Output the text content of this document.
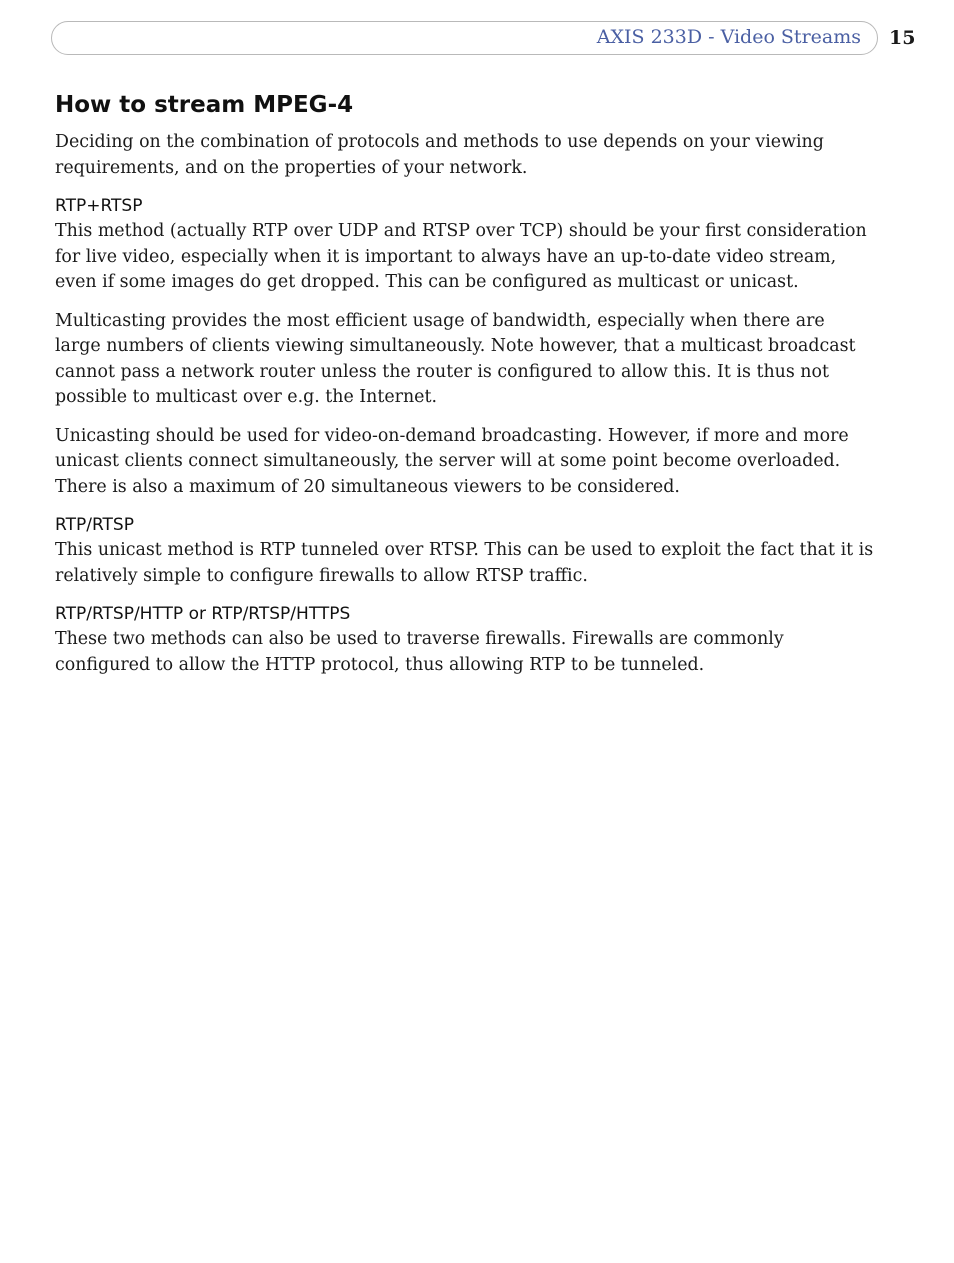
AXIS 233D - Video Streams 15
How to stream MPEG-4

Deciding on the combination of protocols and methods to use depends on your viewing requirements, and on the properties of your network.

RTP+RTSP

This method (actually RTP over UDP and RTSP over TCP) should be your first consideration for live video, especially when it is important to always have an up-to-date video stream, even if some images do get dropped. This can be configured as multicast or unicast.

Multicasting provides the most efficient usage of bandwidth, especially when there are large numbers of clients viewing simultaneously. Note however, that a multicast broadcast cannot pass a network router unless the router is configured to allow this. It is thus not possible to multicast over e.g. the Internet.

Unicasting should be used for video-on-demand broadcasting. However, if more and more unicast clients connect simultaneously, the server will at some point become overloaded. There is also a maximum of 20 simultaneous viewers to be considered.

RTP/RTSP

This unicast method is RTP tunneled over RTSP. This can be used to exploit the fact that it is relatively simple to configure firewalls to allow RTSP traffic.

RTP/RTSP/HTTP or RTP/RTSP/HTTPS

These two methods can also be used to traverse firewalls. Firewalls are commonly configured to allow the HTTP protocol, thus allowing RTP to be tunneled.
